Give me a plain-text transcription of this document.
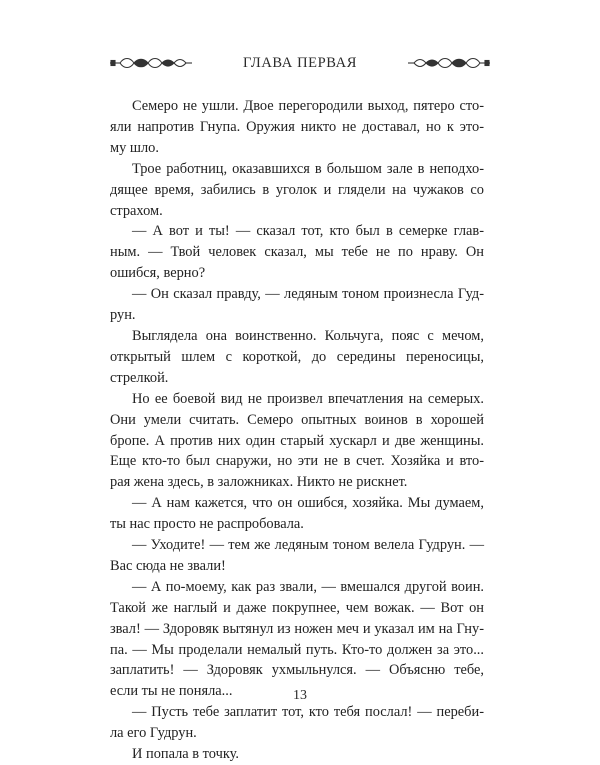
ГЛАВА ПЕРВАЯ

Семеро не ушли. Двое перегородили выход, пятеро сто-
яли напротив Гнупа. Оружия никто не доставал, но к это-
му шло.

Трое работниц, оказавшихся в большом зале в неподхо-
дящее время, забились в уголок и глядели на чужаков со
страхом.

— А вот и ты! — сказал тот, кто был в семерке глав-
ным. — Твой человек сказал, мы тебе не по нраву. Он
ошибся, верно?

— Он сказал правду, — ледяным тоном произнесла Гуд-
рун.

Выглядела она воинственно. Кольчуга, пояс с мечом,
открытый шлем с короткой, до середины переносицы,
стрелкой.

Но ее боевой вид не произвел впечатления на семерых.
Они умели считать. Семеро опытных воинов в хорошей
бропе. А против них один старый хускарл и две женщины.
Еще кто-то был снаружи, но эти не в счет. Хозяйка и вто-
рая жена здесь, в заложниках. Никто не рискнет.

— А нам кажется, что он ошибся, хозяйка. Мы думаем,
ты нас просто не распробовала.

— Уходите! — тем же ледяным тоном велела Гудрун. —
Вас сюда не звали!

— А по-моему, как раз звали, — вмешался другой воин.
Такой же наглый и даже покрупнее, чем вожак. — Вот он
звал! — Здоровяк вытянул из ножен меч и указал им на Гну-
па. — Мы проделали немалый путь. Кто-то должен за это...
заплатить! — Здоровяк ухмыльнулся. — Объясню тебе,
если ты не поняла...

— Пусть тебе заплатит тот, кто тебя послал! — переби-
ла его Гудрун.

И попала в точку.

13
